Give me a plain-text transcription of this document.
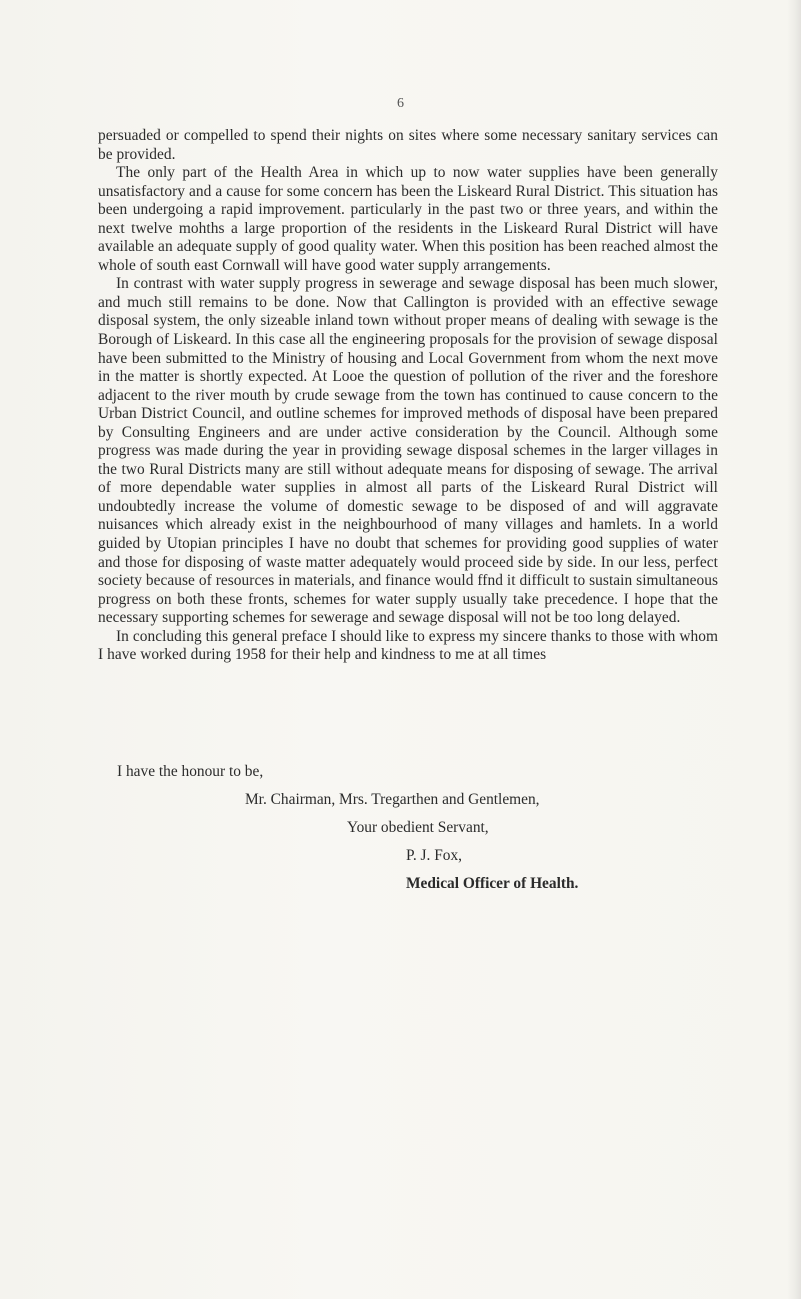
6

persuaded or compelled to spend their nights on sites where some necessary sanitary services can be provided.

The only part of the Health Area in which up to now water supplies have been generally unsatisfactory and a cause for some concern has been the Liskeard Rural District. This situation has been undergoing a rapid improvement. particularly in the past two or three years, and within the next twelve mohths a large proportion of the residents in the Liskeard Rural District will have available an adequate supply of good quality water. When this position has been reached almost the whole of south east Cornwall will have good water supply arrangements.

In contrast with water supply progress in sewerage and sewage disposal has been much slower, and much still remains to be done. Now that Callington is provided with an effective sewage disposal system, the only sizeable inland town without proper means of dealing with sewage is the Borough of Liskeard. In this case all the engineering proposals for the provision of sewage disposal have been submitted to the Ministry of housing and Local Government from whom the next move in the matter is shortly expected. At Looe the question of pollution of the river and the foreshore adjacent to the river mouth by crude sewage from the town has continued to cause concern to the Urban District Council, and outline schemes for improved methods of disposal have been prepared by Consulting Engineers and are under active consideration by the Council. Although some progress was made during the year in providing sewage disposal schemes in the larger villages in the two Rural Districts many are still without adequate means for disposing of sewage. The arrival of more dependable water supplies in almost all parts of the Liskeard Rural District will undoubtedly increase the volume of domestic sewage to be disposed of and will aggravate nuisances which already exist in the neighbourhood of many villages and hamlets. In a world guided by Utopian principles I have no doubt that schemes for providing good supplies of water and those for disposing of waste matter adequately would proceed side by side. In our less, perfect society because of resources in materials, and finance would ffnd it difficult to sustain simultaneous progress on both these fronts, schemes for water supply usually take precedence. I hope that the necessary supporting schemes for sewerage and sewage disposal will not be too long delayed.

In concluding this general preface I should like to express my sincere thanks to those with whom I have worked during 1958 for their help and kindness to me at all times

I have the honour to be,
Mr. Chairman, Mrs. Tregarthen and Gentlemen,
Your obedient Servant,
P. J. Fox,
Medical Officer of Health.
